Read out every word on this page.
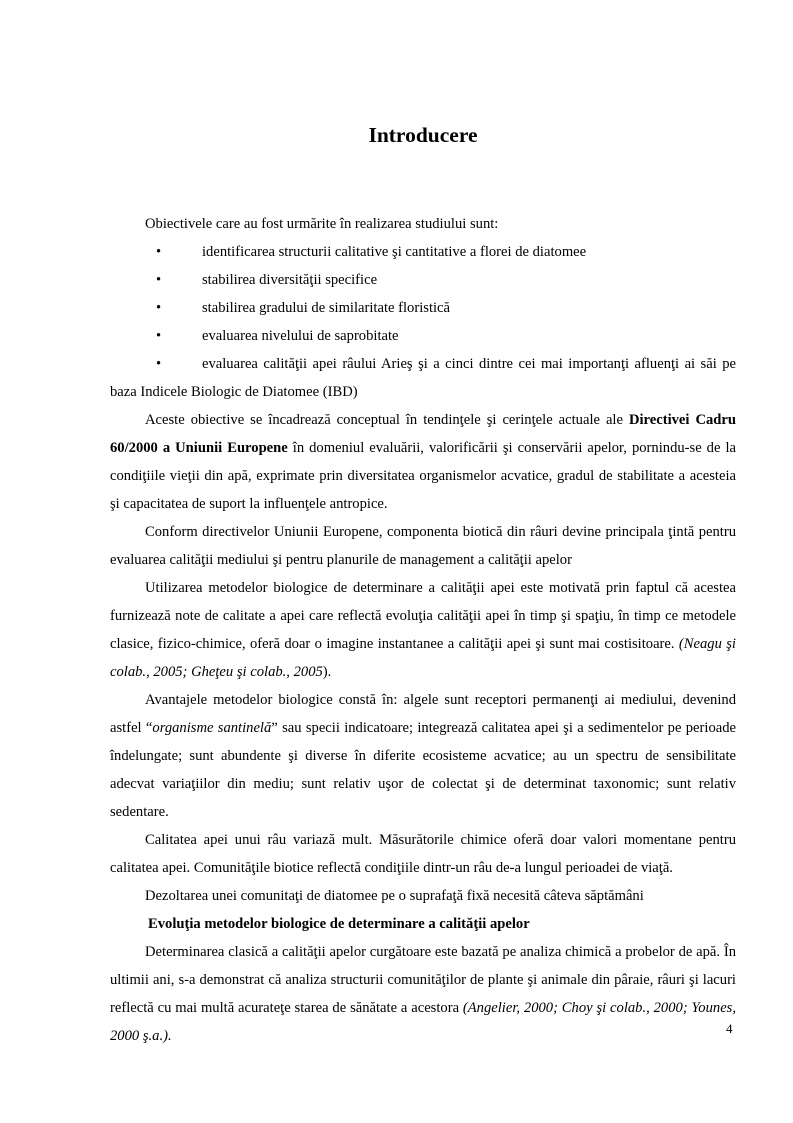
Introducere

Obiectivele care au fost urmărite în realizarea studiului sunt:

•	identificarea structurii calitative şi cantitative a florei de diatomee
•	stabilirea diversităţii specifice
•	stabilirea gradului de similaritate floristică
•	evaluarea nivelului de saprobitate
•	evaluarea calităţii apei râului Arieş şi a cinci dintre cei mai importanţi afluenţi ai săi pe baza Indicele Biologic de Diatomee (IBD)

Aceste obiective se încadrează conceptual în tendinţele şi cerinţele actuale ale Directivei Cadru 60/2000 a Uniunii Europene în domeniul evaluării, valorificării şi conservării apelor, pornindu-se de la condiţiile vieţii din apă, exprimate prin diversitatea organismelor acvatice, gradul de stabilitate a acesteia şi capacitatea de suport la influenţele antropice.

Conform directivelor Uniunii Europene, componenta biotică din râuri devine principala ţintă pentru evaluarea calităţii mediului şi pentru planurile de management a calităţii apelor

Utilizarea metodelor biologice de determinare a calităţii apei este motivată prin faptul că acestea furnizează note de calitate a apei care reflectă evoluţia calităţii apei în timp şi spaţiu, în timp ce metodele clasice, fizico-chimice, oferă doar o imagine instantanee a calităţii apei şi sunt mai costisitoare. (Neagu şi colab., 2005; Gheţeu şi colab., 2005).

Avantajele metodelor biologice constă în: algele sunt receptori permanenţi ai mediului, devenind astfel “organisme santinelă” sau specii indicatoare; integrează calitatea apei şi a sedimentelor pe perioade îndelungate; sunt abundente şi diverse în diferite ecosisteme acvatice; au un spectru de sensibilitate adecvat variaţiilor din mediu; sunt relativ uşor de colectat şi de determinat taxonomic; sunt relativ sedentare.

Calitatea apei unui râu variază mult. Măsurătorile chimice oferă doar valori momentane pentru calitatea apei. Comunităţile biotice reflectă condiţiile dintr-un râu de-a lungul perioadei de viaţă.

Dezoltarea unei comunitaţi de diatomee pe o suprafaţă fixă necesită câteva săptămâni

Evoluţia metodelor biologice de determinare a calităţii apelor

Determinarea clasică a calităţii apelor curgătoare este bazată pe analiza chimică a probelor de apă. În ultimii ani, s-a demonstrat că analiza structurii comunităţilor de plante şi animale din pâraie, râuri şi lacuri reflectă cu mai multă acurateţe starea de sănătate a acestora (Angelier, 2000; Choy şi colab., 2000; Younes, 2000 ş.a.).	4
